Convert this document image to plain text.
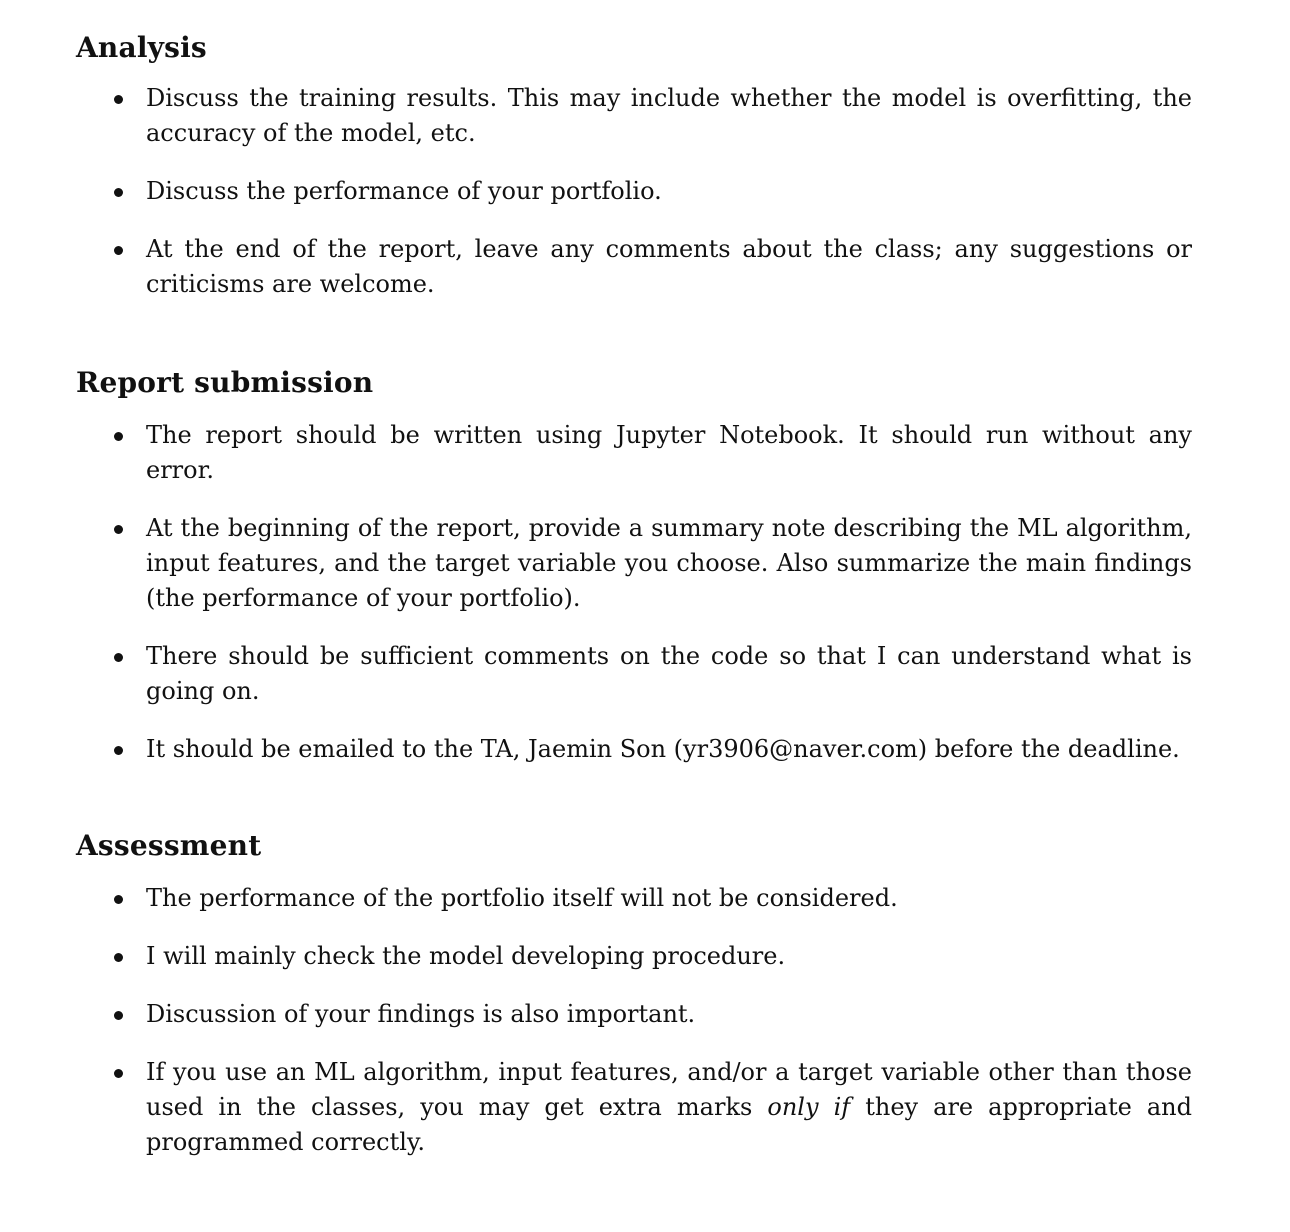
Analysis
Discuss the training results. This may include whether the model is overfitting, the accuracy of the model, etc.
Discuss the performance of your portfolio.
At the end of the report, leave any comments about the class; any suggestions or criticisms are welcome.
Report submission
The report should be written using Jupyter Notebook. It should run without any error.
At the beginning of the report, provide a summary note describing the ML algorithm, input features, and the target variable you choose. Also summarize the main findings (the performance of your portfolio).
There should be sufficient comments on the code so that I can understand what is going on.
It should be emailed to the TA, Jaemin Son (yr3906@naver.com) before the deadline.
Assessment
The performance of the portfolio itself will not be considered.
I will mainly check the model developing procedure.
Discussion of your findings is also important.
If you use an ML algorithm, input features, and/or a target variable other than those used in the classes, you may get extra marks only if they are appropriate and programmed correctly.
